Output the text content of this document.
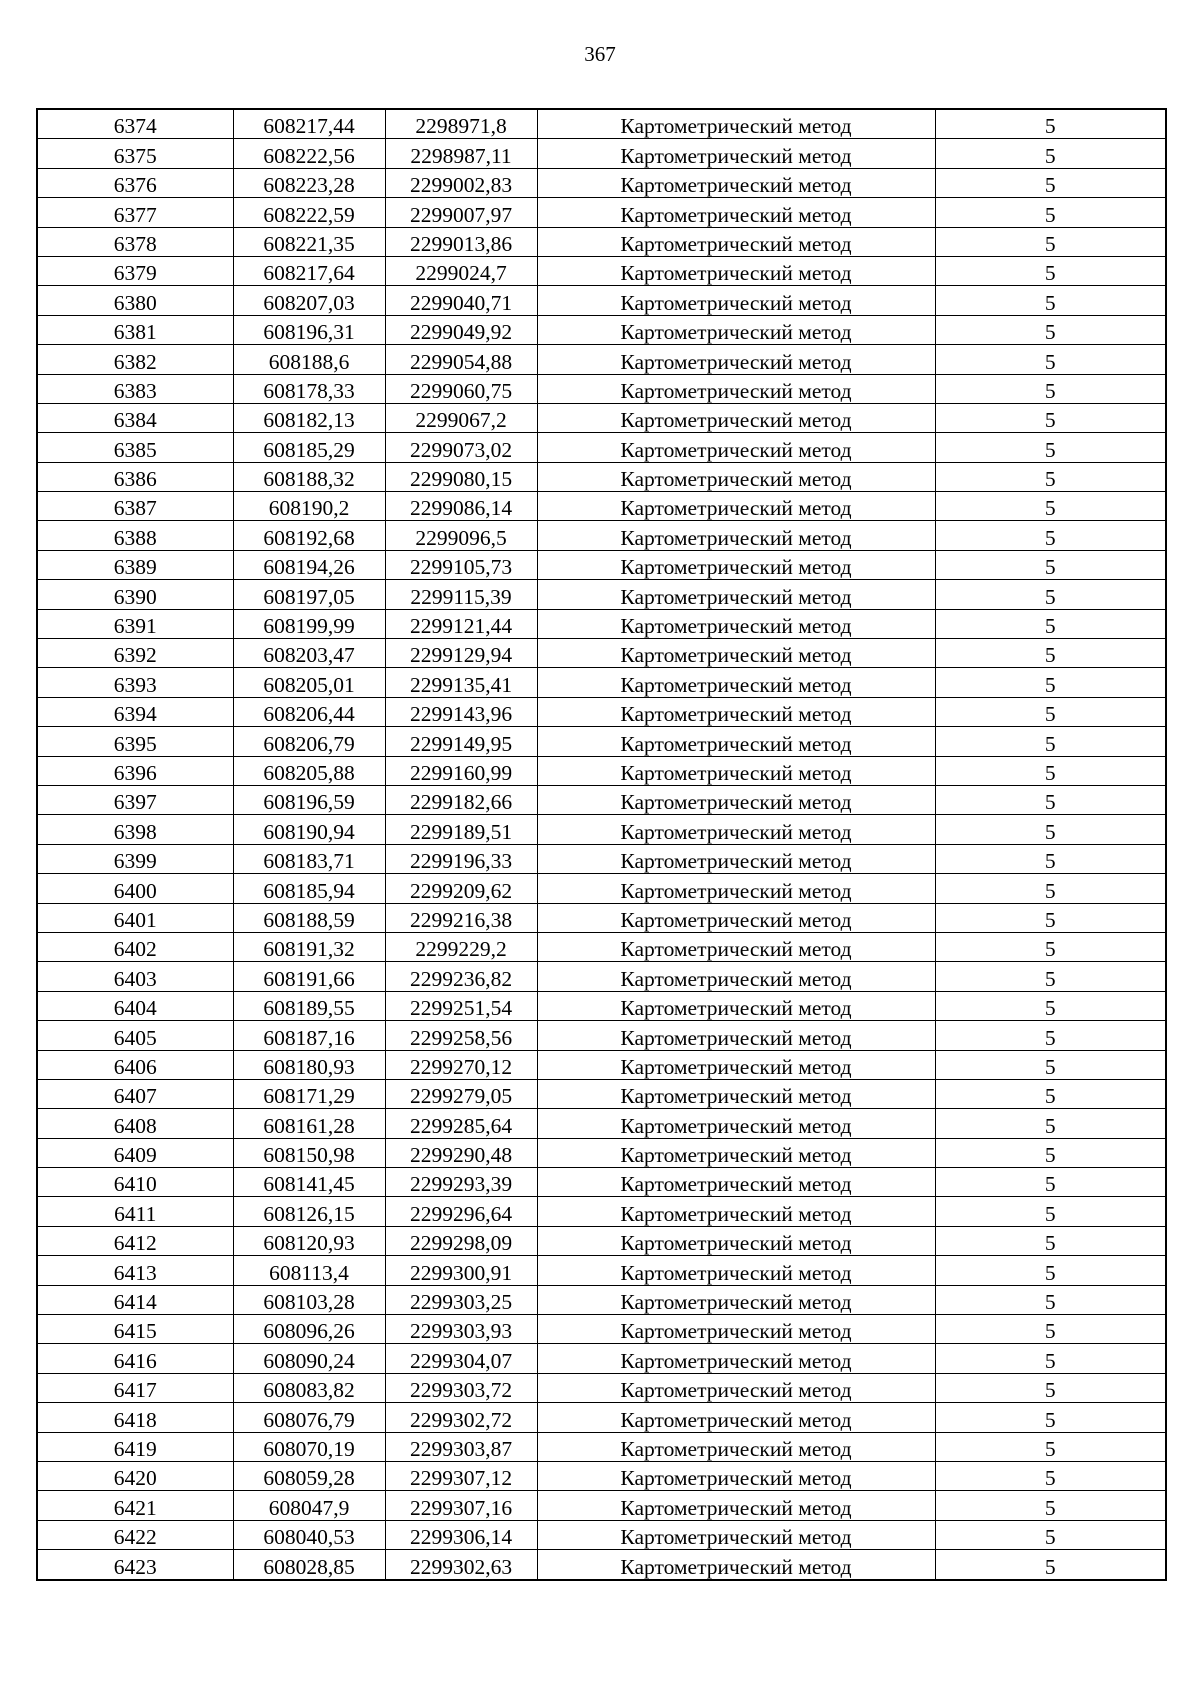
367
6374	608217,44	2298971,8	Картометрический метод	5
6375	608222,56	2298987,11	Картометрический метод	5
6376	608223,28	2299002,83	Картометрический метод	5
6377	608222,59	2299007,97	Картометрический метод	5
6378	608221,35	2299013,86	Картометрический метод	5
6379	608217,64	2299024,7	Картометрический метод	5
6380	608207,03	2299040,71	Картометрический метод	5
6381	608196,31	2299049,92	Картометрический метод	5
6382	608188,6	2299054,88	Картометрический метод	5
6383	608178,33	2299060,75	Картометрический метод	5
6384	608182,13	2299067,2	Картометрический метод	5
6385	608185,29	2299073,02	Картометрический метод	5
6386	608188,32	2299080,15	Картометрический метод	5
6387	608190,2	2299086,14	Картометрический метод	5
6388	608192,68	2299096,5	Картометрический метод	5
6389	608194,26	2299105,73	Картометрический метод	5
6390	608197,05	2299115,39	Картометрический метод	5
6391	608199,99	2299121,44	Картометрический метод	5
6392	608203,47	2299129,94	Картометрический метод	5
6393	608205,01	2299135,41	Картометрический метод	5
6394	608206,44	2299143,96	Картометрический метод	5
6395	608206,79	2299149,95	Картометрический метод	5
6396	608205,88	2299160,99	Картометрический метод	5
6397	608196,59	2299182,66	Картометрический метод	5
6398	608190,94	2299189,51	Картометрический метод	5
6399	608183,71	2299196,33	Картометрический метод	5
6400	608185,94	2299209,62	Картометрический метод	5
6401	608188,59	2299216,38	Картометрический метод	5
6402	608191,32	2299229,2	Картометрический метод	5
6403	608191,66	2299236,82	Картометрический метод	5
6404	608189,55	2299251,54	Картометрический метод	5
6405	608187,16	2299258,56	Картометрический метод	5
6406	608180,93	2299270,12	Картометрический метод	5
6407	608171,29	2299279,05	Картометрический метод	5
6408	608161,28	2299285,64	Картометрический метод	5
6409	608150,98	2299290,48	Картометрический метод	5
6410	608141,45	2299293,39	Картометрический метод	5
6411	608126,15	2299296,64	Картометрический метод	5
6412	608120,93	2299298,09	Картометрический метод	5
6413	608113,4	2299300,91	Картометрический метод	5
6414	608103,28	2299303,25	Картометрический метод	5
6415	608096,26	2299303,93	Картометрический метод	5
6416	608090,24	2299304,07	Картометрический метод	5
6417	608083,82	2299303,72	Картометрический метод	5
6418	608076,79	2299302,72	Картометрический метод	5
6419	608070,19	2299303,87	Картометрический метод	5
6420	608059,28	2299307,12	Картометрический метод	5
6421	608047,9	2299307,16	Картометрический метод	5
6422	608040,53	2299306,14	Картометрический метод	5
6423	608028,85	2299302,63	Картометрический метод	5
